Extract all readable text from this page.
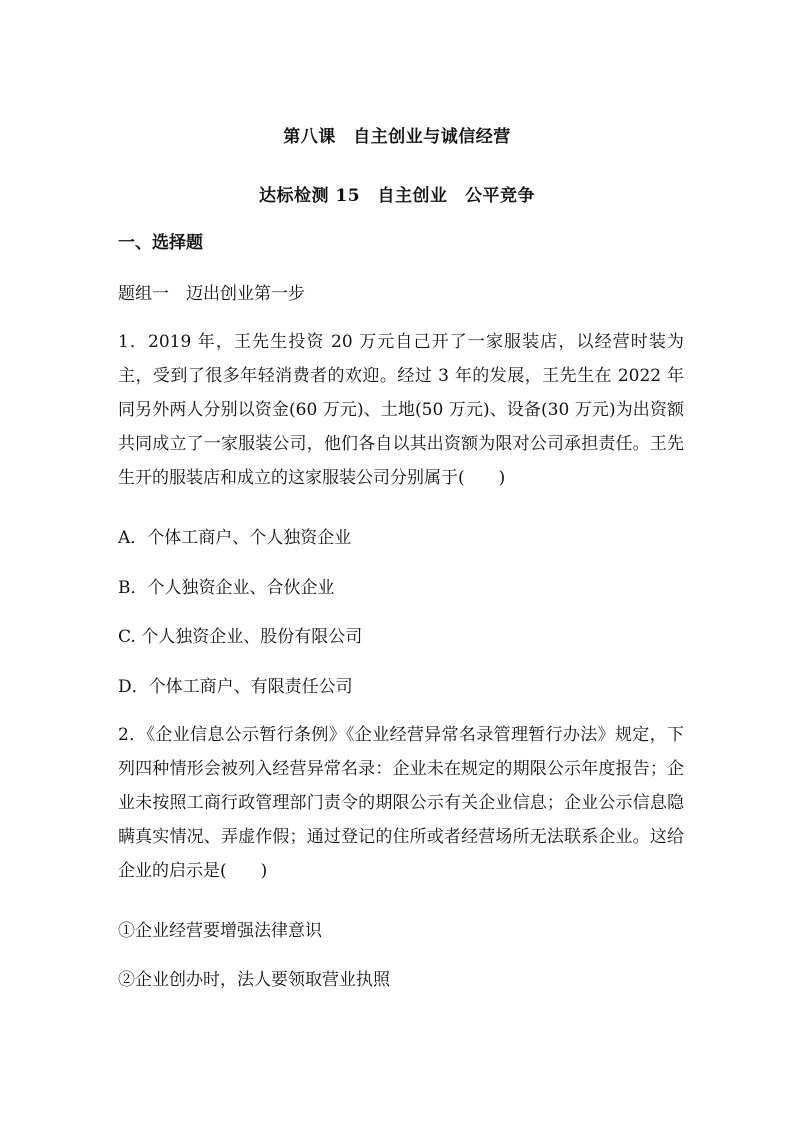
第八课　自主创业与诚信经营
达标检测 15　自主创业　公平竞争
一、选择题
题组一　迈出创业第一步
1．2019 年，王先生投资 20 万元自己开了一家服装店，以经营时装为主，受到了很多年轻消费者的欢迎。经过 3 年的发展，王先生在 2022 年同另外两人分别以资金(60 万元)、土地(50 万元)、设备(30 万元)为出资额共同成立了一家服装公司，他们各自以其出资额为限对公司承担责任。王先生开的服装店和成立的这家服装公司分别属于(　　)
A．个体工商户、个人独资企业
B．个人独资企业、合伙企业
C. 个人独资企业、股份有限公司
D．个体工商户、有限责任公司
2．《企业信息公示暂行条例》《企业经营异常名录管理暂行办法》规定，下列四种情形会被列入经营异常名录：企业未在规定的期限公示年度报告；企业未按照工商行政管理部门责令的期限公示有关企业信息；企业公示信息隐瞒真实情况、弄虚作假；通过登记的住所或者经营场所无法联系企业。这给企业的启示是(　　)
①企业经营要增强法律意识
②企业创办时，法人要领取营业执照
